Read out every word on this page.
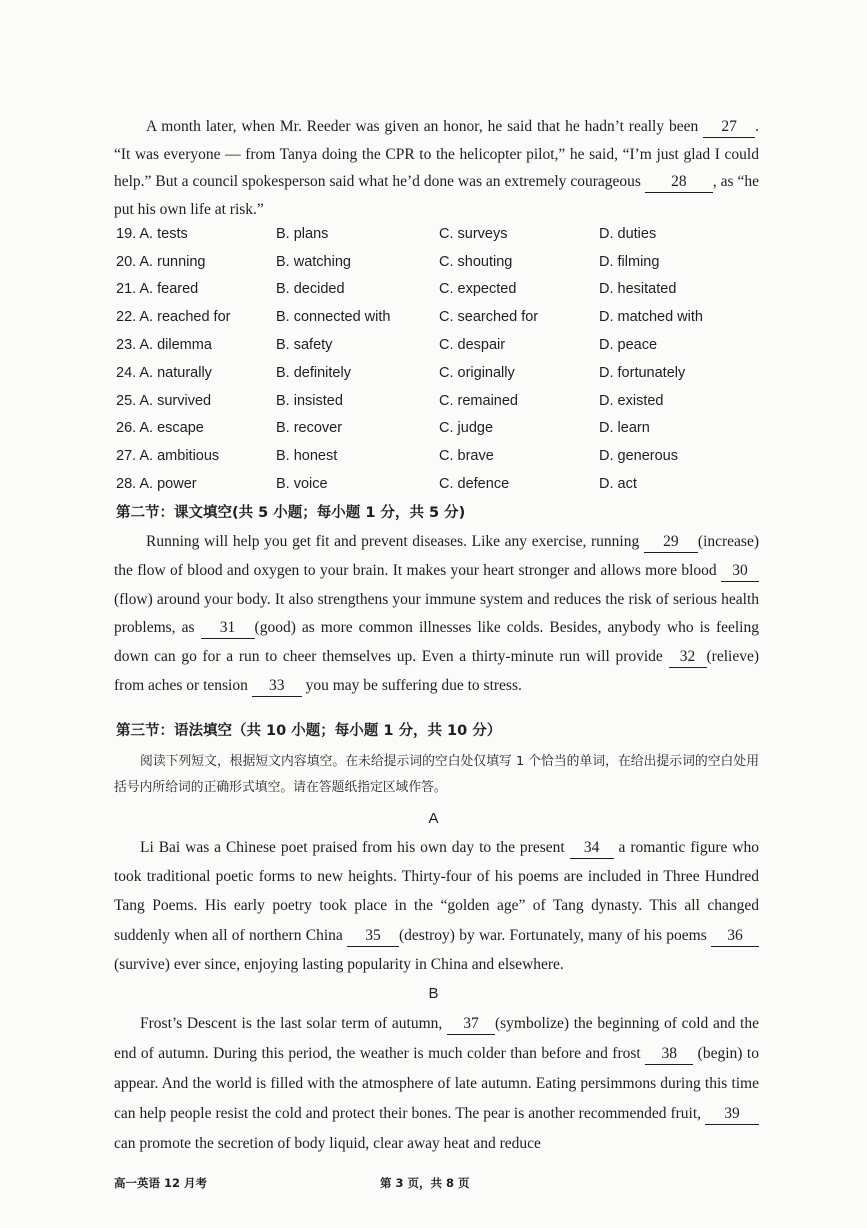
A month later, when Mr. Reeder was given an honor, he said that he hadn’t really been 27 . “It was everyone — from Tanya doing the CPR to the helicopter pilot,” he said, “I’m just glad I could help.” But a council spokesperson said what he’d done was an extremely courageous 28 , as “he put his own life at risk.”
19. A. tests	B. plans	C. surveys	D. duties
20. A. running	B. watching	C. shouting	D. filming
21. A. feared	B. decided	C. expected	D. hesitated
22. A. reached for	B. connected with	C. searched for	D. matched with
23. A. dilemma	B. safety	C. despair	D. peace
24. A. naturally	B. definitely	C. originally	D. fortunately
25. A. survived	B. insisted	C. remained	D. existed
26. A. escape	B. recover	C. judge	D. learn
27. A. ambitious	B. honest	C. brave	D. generous
28. A. power	B. voice	C. defence	D. act
第二节：课文填空(共 5 小题；每小题 1 分，共 5 分)
Running will help you get fit and prevent diseases. Like any exercise, running 29 (increase) the flow of blood and oxygen to your brain. It makes your heart stronger and allows more blood 30(flow) around your body. It also strengthens your immune system and reduces the risk of serious health problems, as 31 (good) as more common illnesses like colds. Besides, anybody who is feeling down can go for a run to cheer themselves up. Even a thirty-minute run will provide 32 (relieve) from aches or tension 33 you may be suffering due to stress.
第三节：语法填空（共 10 小题；每小题 1 分，共 10 分）
阅读下列短文，根据短文内容填空。在未给提示词的空白处仅填写 1 个恰当的单词，在给出提示词的空白处用括号内所给词的正确形式填空。请在答题纸指定区域作答。
A
Li Bai was a Chinese poet praised from his own day to the present 34 a romantic figure who took traditional poetic forms to new heights. Thirty-four of his poems are included in Three Hundred Tang Poems. His early poetry took place in the “golden age” of Tang dynasty. This all changed suddenly when all of northern China 35 (destroy) by war. Fortunately, many of his poems 36(survive) ever since, enjoying lasting popularity in China and elsewhere.
B
Frost’s Descent is the last solar term of autumn, 37 (symbolize) the beginning of cold and the end of autumn. During this period, the weather is much colder than before and frost 38 (begin) to appear. And the world is filled with the atmosphere of late autumn. Eating persimmons during this time can help people resist the cold and protect their bones. The pear is another recommended fruit, 39 can promote the secretion of body liquid, clear away heat and reduce
高一英语 12 月考	第 3 页，共 8 页
